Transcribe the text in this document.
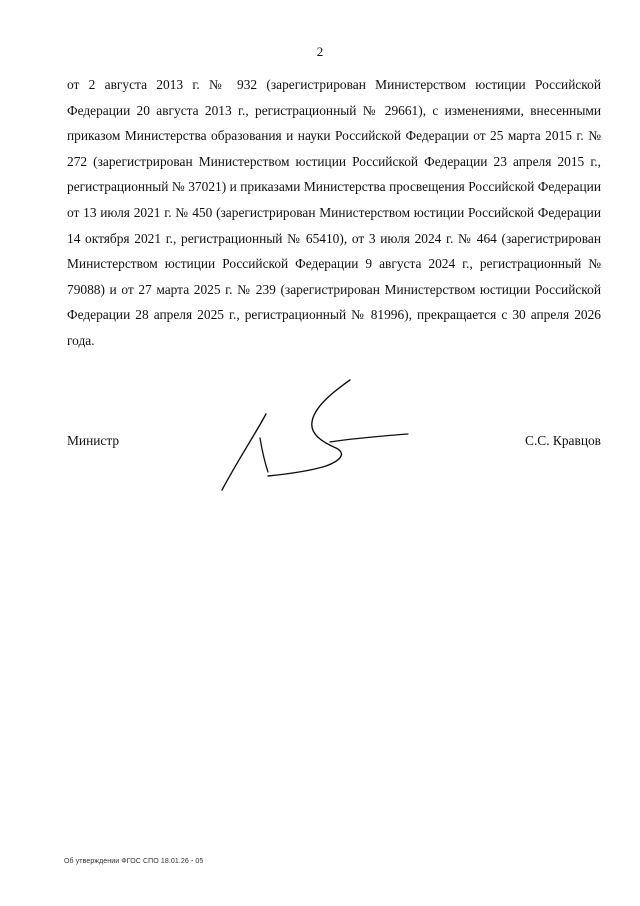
2

от 2 августа 2013 г. № 932 (зарегистрирован Министерством юстиции Российской Федерации 20 августа 2013 г., регистрационный № 29661), с изменениями, внесенными приказом Министерства образования и науки Российской Федерации от 25 марта 2015 г. № 272 (зарегистрирован Министерством юстиции Российской Федерации 23 апреля 2015 г., регистрационный № 37021) и приказами Министерства просвещения Российской Федерации от 13 июля 2021 г. № 450 (зарегистрирован Министерством юстиции Российской Федерации 14 октября 2021 г., регистрационный № 65410), от 3 июля 2024 г. № 464 (зарегистрирован Министерством юстиции Российской Федерации 9 августа 2024 г., регистрационный № 79088) и от 27 марта 2025 г. № 239 (зарегистрирован Министерством юстиции Российской Федерации 28 апреля 2025 г., регистрационный № 81996), прекращается с 30 апреля 2026 года.

Министр	С.С. Кравцов
Об утверждении ФГОС СПО 18.01.26 - 05
